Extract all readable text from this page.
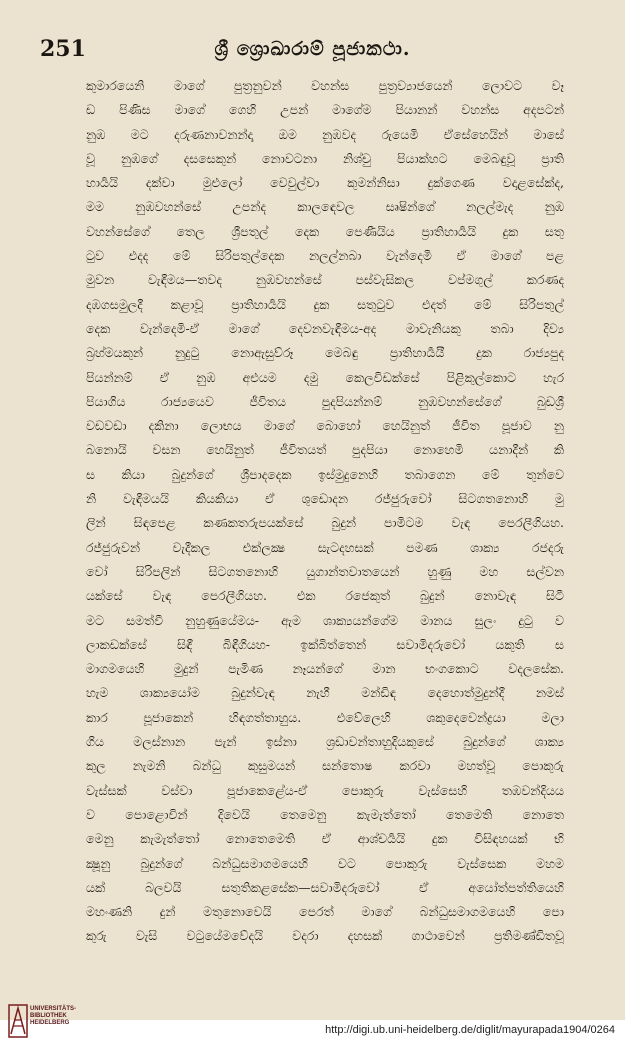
251	ශ්‍රී ශ්‍රොඛාරාම් පූජාකථා.
කුමාරයෙනි මාගේ පුත්‍රනුවන් වහන්ස පුත්‍රව්‍යාජයෙන් ලොවට වෑ
ඩ පිණිස මාගේ ගෙහි උපන් මාගේම පියානන් වහන්ස අදපටන්
නුඹ මට දරුණනාවනන්දෘ ඔම නුඹවද රුයෙමි ඒසේහෙයින් මාසේ
වූ නුඹගේ දසසෙකුන් නොවටනා නිශ්චු පියාක්හට මෙබඳුවූ ප්‍රාති
හාර්‍යයි දක්වා මුළුලෝ වෙවුල්වා කුමන්නිසා දුක්ගෙණ වදාළසේක්ද,
මම නුඹවහන්සේ උපන්ද කාලඳෙවල සෘෂින්ගේ නලල්මැද නුඹ
වහන්සේගේ තෙල ශ්‍රීපතුල් දෙක පෙණීයිය ප්‍රාතිහාර්‍යයි දුක සතු
ටුව එදද මේ සිරිපතුල්දෙක නලල්නබා වැන්දෙමි ඒ මාගේ පළ
මුවන වැඳීමය—තවද නුඹවහන්සේ පස්වැසිකල වප්මගුල් කරණද
දඹගසමුලදී කළාවූ ප්‍රාතිහාර්‍යයි දුක සතුටුව එදත් මේ සිරිපතුල්
දෙක වැන්දෙමි-ඒ මාගේ දෙවනවැඳීමය-අද මාවැනියකු තබා දිව්‍ය
බ්‍රහ්මයකුන් නුදුටු නොඇසුව්රූ මෙබඳු ප්‍රාතිහාර්‍යයී දුක රාජ්‍යපුද
පියන්නම් ඒ නුඹ අළුයම දමු කෙලවිඩක්සේ පිළිකුල්කොට හැර
පියාගිය රාජ්‍යයෙව ජීවිතය පුදපියන්නම් නුඹවහන්සේගේ බුඩශ්‍රී
වඩවඩා දකිනා ලොභය මාගේ බොහෝ හෙයිනුත් ජීවිත පූජාව නු
බනොයි වසන හෙයිනුත් ජීවිතයත් පුදපියා නොහෙමි යනාදීන් කි
ස කියා බුදුන්ගේ ශ්‍රීපාදදෙක ඉස්මුදුනෙහි තබාගෙන මේ තුන්වෙ
නි වැඳීමයයි කියකියා ඒ ශුඩොදන රජ්ජුරුවෝ සිටගතනොහි මු
ලින් සිඳපෙළ කණකතරුපයක්සේ බුදුන් පාමිටම වැඳ පෙරලීගියහ.
රජ්ජුරුවන් වැදීකල එක්ලක්‍ෂ සැටදහසක් පමණ ශාක්‍ය රජදරු
වෝ සිරිපලින් සිටගතනොහි යුගාන්තවාතයෙන් හුණු මහ සල්වන
යක්සේ වැඳ පෙරලීගියහ. එක රජෙකුත් බුදුන් නොවැඳ සිටී
මට සමත්වී නුහුණුයේමය- ඇම ශාක්‍යයන්ගේම මානය සුලං දුටු ව
ලාකඩක්සේ සිඳී බිඳීගියහ- ඉක්බිත්තෙන් සවාමිදරුවෝ යකුති ස
මාගමයෙහි මුදුන් පැමිණ නෑයන්ගේ මාන භංගකොට වදලසේක.
හැම ශාක්‍යයෝම බුදුන්වැඳ නැහී මන්ඩිඳ දෙහොත්මුදුන්දී නමස්
කාර පූජාකෙන් හිඳගත්තාහුය. එවේලෙහි ශකුදෙවෙන්ද්‍රයා මලා
ගිය මලස්නාන පැන් ඉස්නා ශ්‍රඩාවන්තාහුදියකුසේ බුදුන්ගේ ශාක්‍ය
කුල නැමනි බන්ධු කුසුමයන් සන්තොෂ කරවා මහත්වූ පොකුරු
වැස්සක් වස්වා පූජාකෙළේය-ඒ පොකුරු වැස්සෙහි තඹවන්දියය
ව පොළොවින් දිවෙයි තෙමෙනු කැමැත්තෝ තෙමෙති නොතෙ
මෙනු කැමැත්තෝ නොතෙමෙති ඒ ආශ්චර්‍යයි දුක විසිඳහයක් භි
ක්‍ෂූනු බුදුන්ගේ බන්ධුසමාගමයෙහි වට පොකුරු වැස්සෙක මහම
යක් බලවයි සතුතිකළසේක—සවාමිදරුවෝ ඒ අයෝත්පත්තියෙහි
මහංණනි දුන් මතුනොවෙයි පෙරත් මාගේ බන්ධුසමාගමයෙහි පො
කුරු වැසි වටුයේමවේදයි වදරා දහසක් ගාථාවෙන් ප්‍රතිමණ්ඩිතවූ
UNIVERSITÄTS-
BIBLIOTHEK
HEIDELBERG
http://digi.ub.uni-heidelberg.de/diglit/mayurapada1904/0264
